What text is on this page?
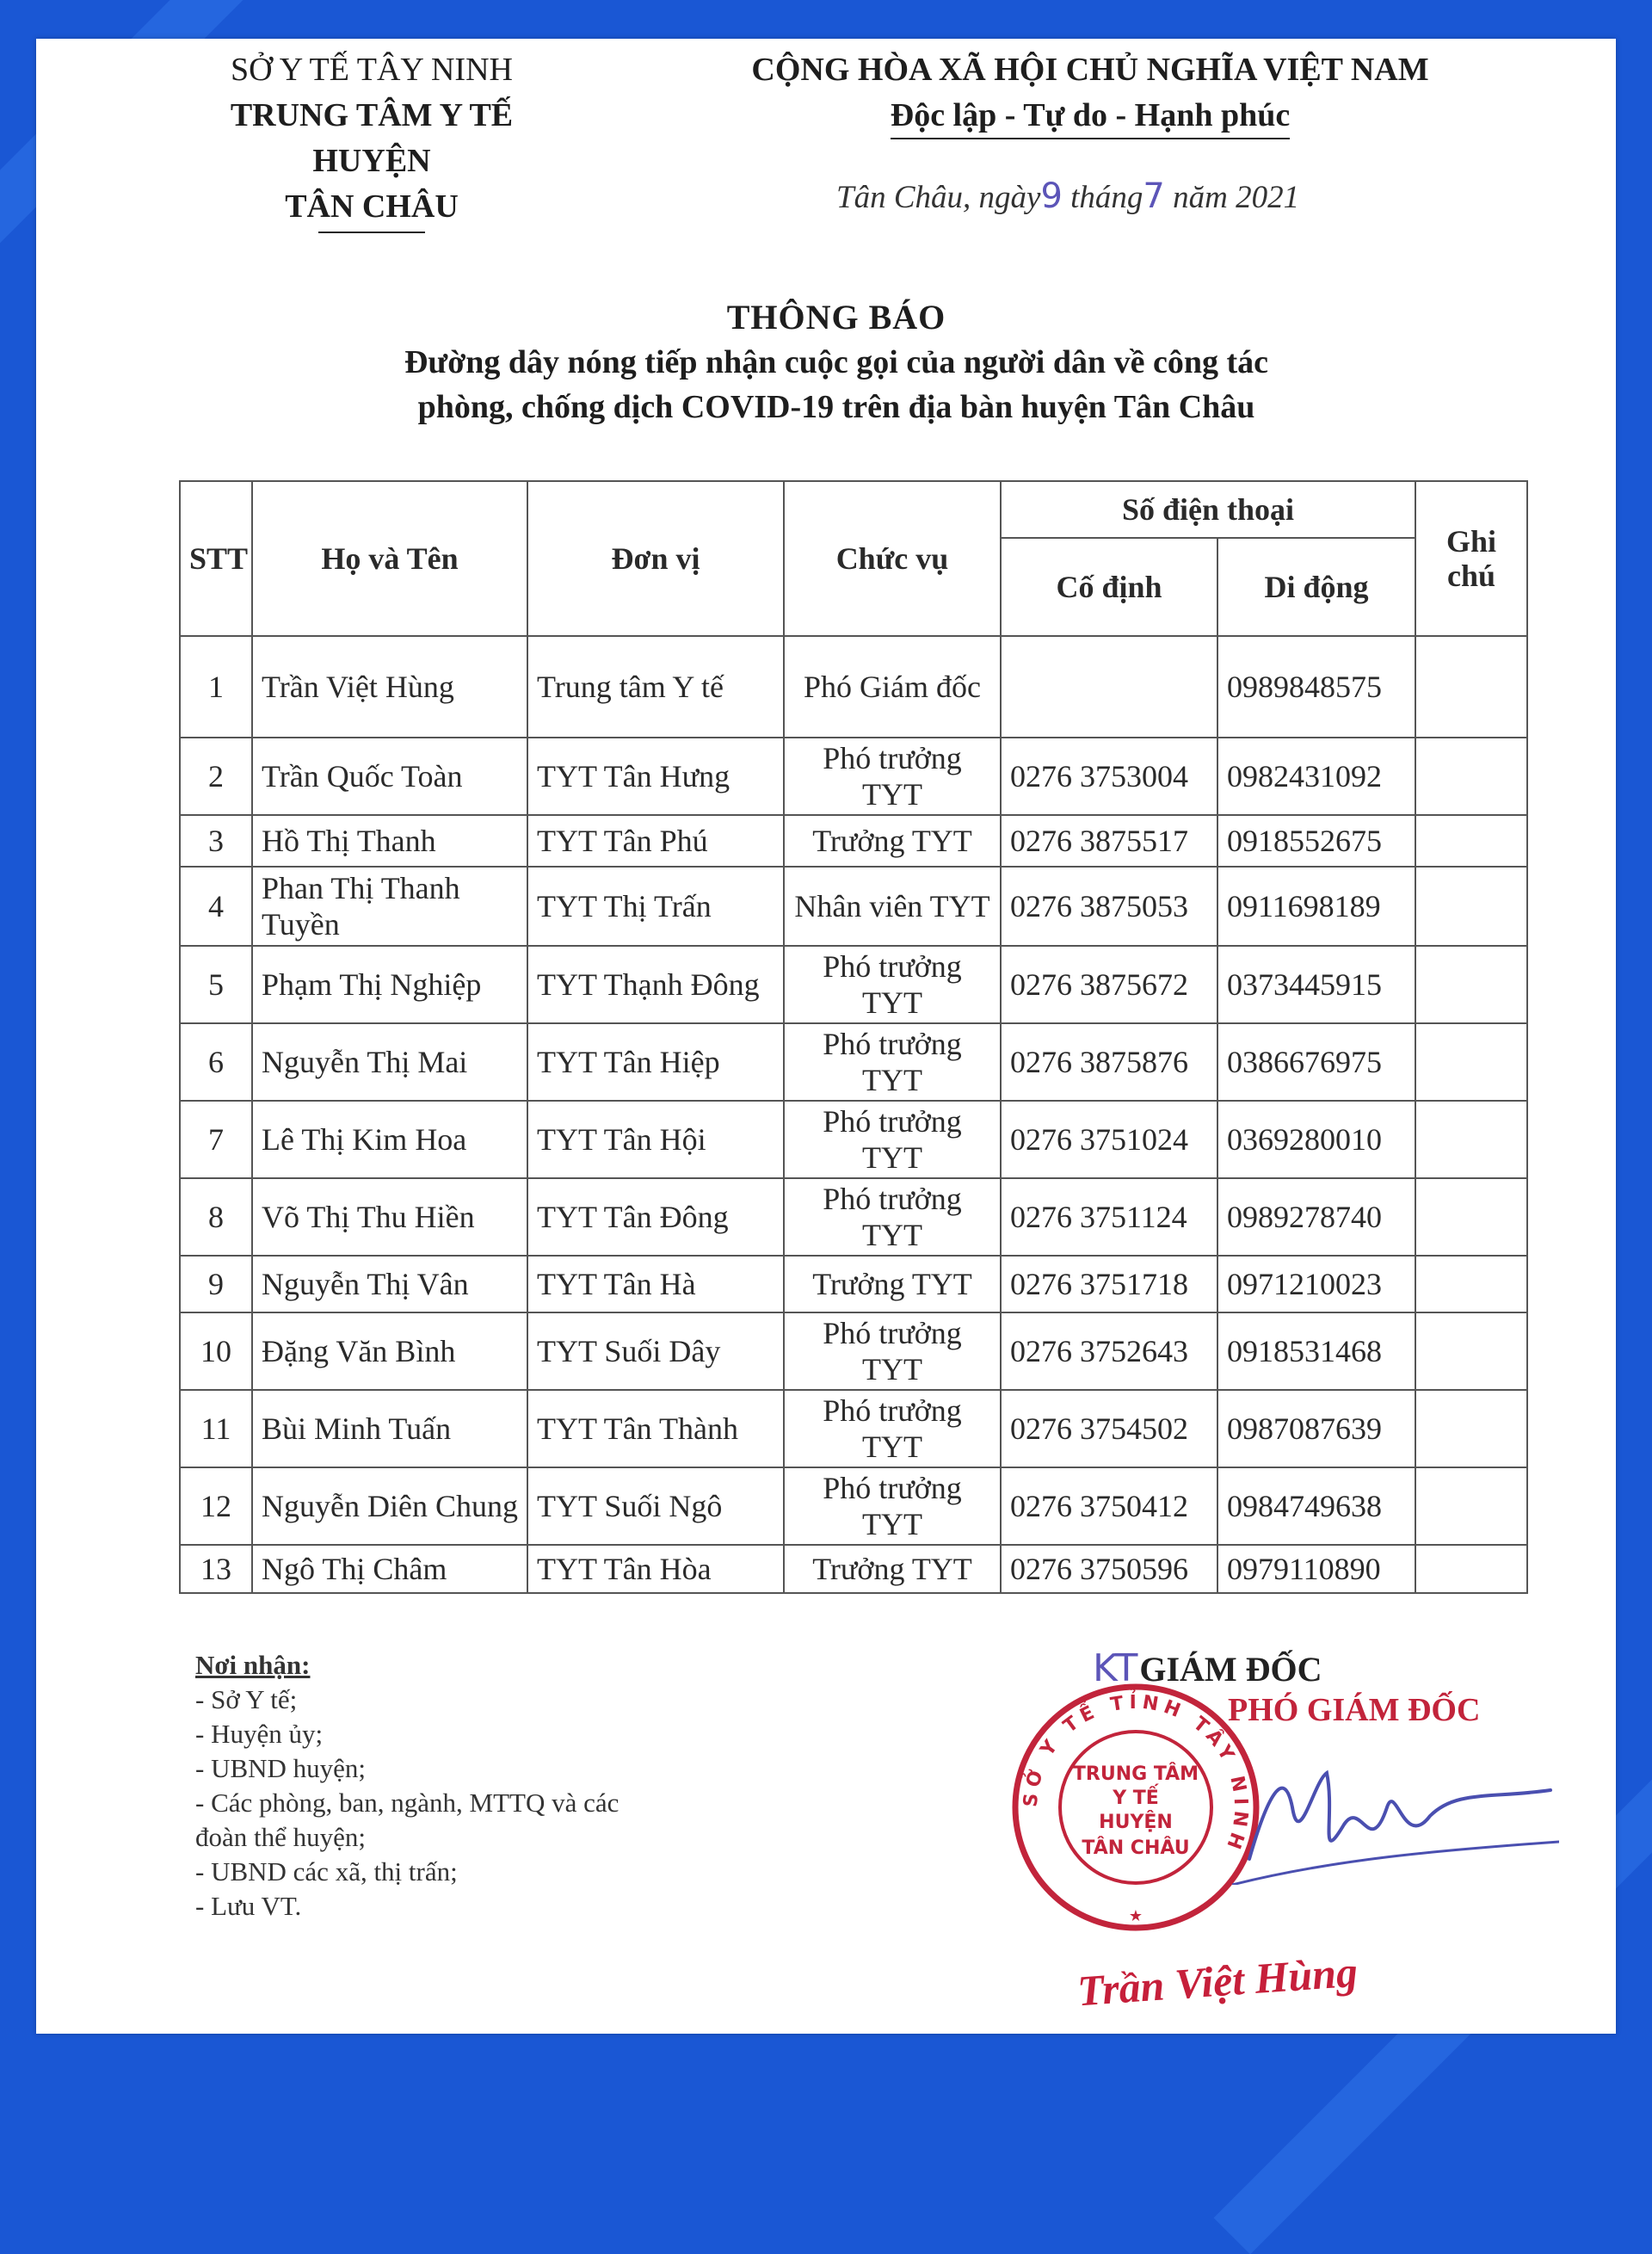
SỞ Y TẾ TÂY NINH
TRUNG TÂM Y TẾ HUYỆN
TÂN CHÂU
CỘNG HÒA XÃ HỘI CHỦ NGHĨA VIỆT NAM
Độc lập - Tự do - Hạnh phúc
Tân Châu, ngày9 tháng7 năm 2021
THÔNG BÁO
Đường dây nóng tiếp nhận cuộc gọi của người dân về công tác
phòng, chống dịch COVID-19 trên địa bàn huyện Tân Châu
STT	Họ và Tên	Đơn vị	Chức vụ	Số điện thoại		Ghi chú
				Cố định	Di động	
1	Trần Việt Hùng	Trung tâm Y tế	Phó Giám đốc		0989848575	
2	Trần Quốc Toàn	TYT Tân Hưng	Phó trưởng TYT	0276 3753004	0982431092	
3	Hồ Thị Thanh	TYT Tân Phú	Trưởng TYT	0276 3875517	0918552675	
4	Phan Thị Thanh Tuyền	TYT Thị Trấn	Nhân viên TYT	0276 3875053	0911698189	
5	Phạm Thị Nghiệp	TYT Thạnh Đông	Phó trưởng TYT	0276 3875672	0373445915	
6	Nguyễn Thị Mai	TYT Tân Hiệp	Phó trưởng TYT	0276 3875876	0386676975	
7	Lê Thị Kim Hoa	TYT Tân Hội	Phó trưởng TYT	0276 3751024	0369280010	
8	Võ Thị Thu Hiền	TYT Tân Đông	Phó trưởng TYT	0276 3751124	0989278740	
9	Nguyễn Thị Vân	TYT Tân Hà	Trưởng TYT	0276 3751718	0971210023	
10	Đặng Văn Bình	TYT Suối Dây	Phó trưởng TYT	0276 3752643	0918531468	
11	Bùi Minh Tuấn	TYT Tân Thành	Phó trưởng TYT	0276 3754502	0987087639	
12	Nguyễn Diên Chung	TYT Suối Ngô	Phó trưởng TYT	0276 3750412	0984749638	
13	Ngô Thị Châm	TYT Tân Hòa	Trưởng TYT	0276 3750596	0979110890	
Nơi nhận:
- Sở Y tế;
- Huyện ủy;
- UBND huyện;
- Các phòng, ban, ngành, MTTQ và các đoàn thể huyện;
- UBND các xã, thị trấn;
- Lưu VT.
KTGIÁM ĐỐC
SỞ Y TẾ TỈNH TÂY NINH
TRUNG TÂM
Y TẾ
HUYỆN
TÂN CHÂU
★
PHÓ GIÁM ĐỐC
Trần Việt Hùng
